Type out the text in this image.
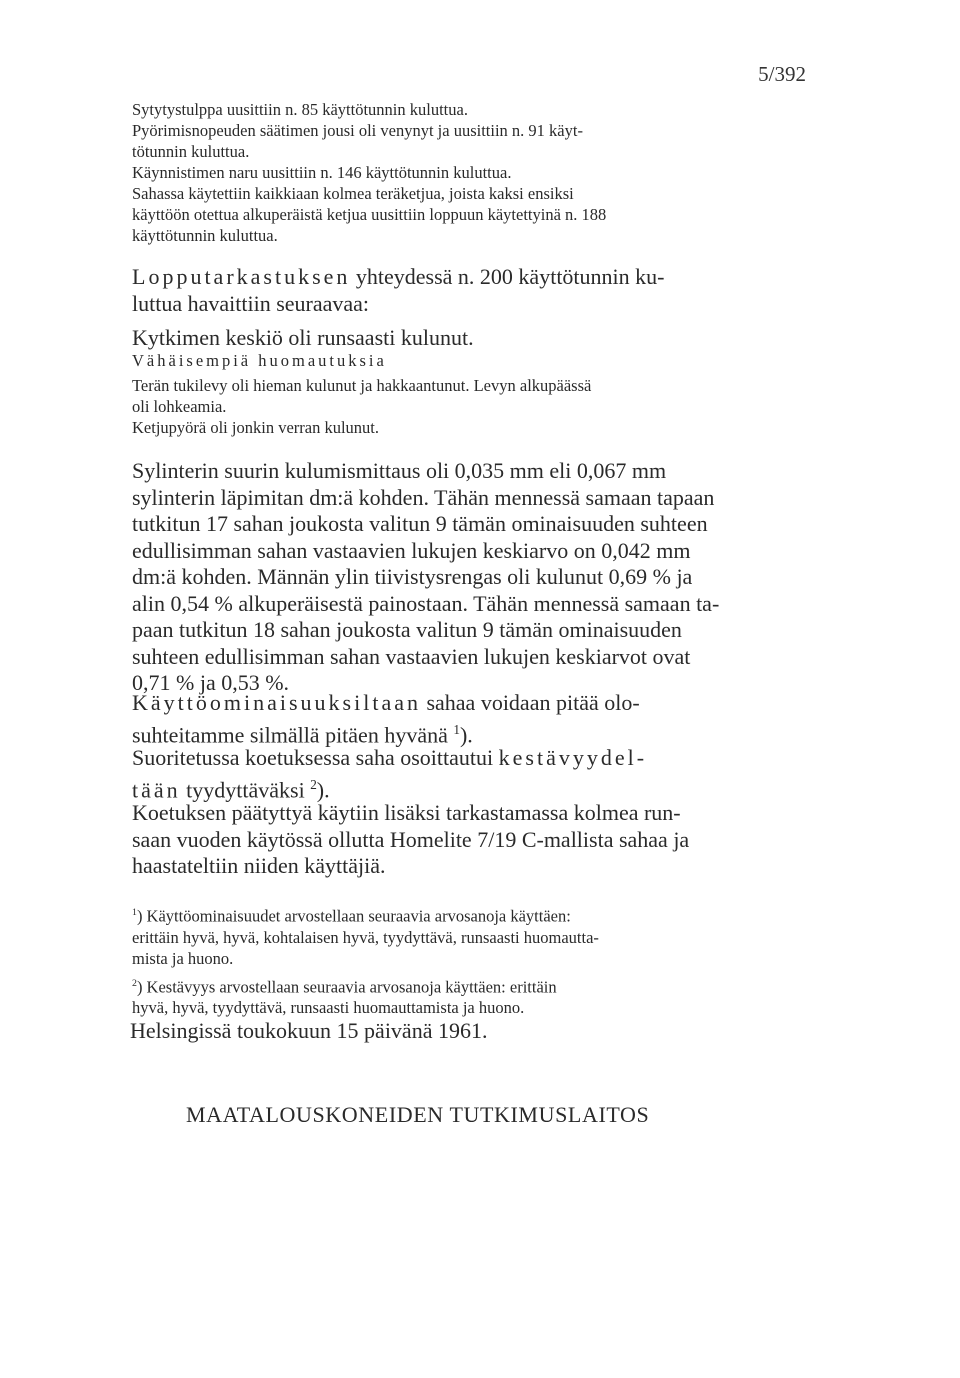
5/392

Sytytystulppa uusittiin n. 85 käyttötunnin kuluttua.

Pyörimisnopeuden säätimen jousi oli venynyt ja uusittiin n. 91 käyt-

tötunnin kuluttua.

Käynnistimen naru uusittiin n. 146 käyttötunnin kuluttua.

Sahassa käytettiin kaikkiaan kolmea teräketjua, joista kaksi ensiksi

käyttöön otettua alkuperäistä ketjua uusittiin loppuun käytettyinä n. 188

käyttötunnin kuluttua.

Lopputarkastuksen yhteydessä n. 200 käyttötunnin ku-

luttua havaittiin seuraavaa:

Kytkimen keskiö oli runsaasti kulunut.

Vähäisempiä huomautuksia

Terän tukilevy oli hieman kulunut ja hakkaantunut. Levyn alkupäässä

oli lohkeamia.

Ketjupyörä oli jonkin verran kulunut.

Sylinterin suurin kulumismittaus oli 0,035 mm eli 0,067 mm

sylinterin läpimitan dm:ä kohden. Tähän mennessä samaan tapaan

tutkitun 17 sahan joukosta valitun 9 tämän ominaisuuden suhteen

edullisimman sahan vastaavien lukujen keskiarvo on 0,042 mm

dm:ä kohden. Männän ylin tiivistysrengas oli kulunut 0,69 % ja

alin 0,54 % alkuperäisestä painostaan. Tähän mennessä samaan ta-

paan tutkitun 18 sahan joukosta valitun 9 tämän ominaisuuden

suhteen edullisimman sahan vastaavien lukujen keskiarvot ovat

0,71 % ja 0,53 %.

Käyttöominaisuuksiltaan sahaa voidaan pitää olo-

suhteitamme silmällä pitäen hyvänä $^1$).

Suoritetussa koetuksessa saha osoittautui kestävyydel-

tään tyydyttäväksi $^2$).

Koetuksen päätyttyä käytiin lisäksi tarkastamassa kolmea run-

saan vuoden käytössä ollutta Homelite 7/19 C-mallista sahaa ja

haastateltiin niiden käyttäjiä.

$^1$) Käyttöominaisuudet arvostellaan seuraavia arvosanoja käyttäen:

erittäin hyvä, hyvä, kohtalaisen hyvä, tyydyttävä, runsaasti huomautta-

mista ja huono.

$^2$) Kestävyys arvostellaan seuraavia arvosanoja käyttäen: erittäin

hyvä, hyvä, tyydyttävä, runsaasti huomauttamista ja huono.

Helsingissä toukokuun 15 päivänä 1961.
MAATALOUSKONEIDEN TUTKIMUSLAITOS
